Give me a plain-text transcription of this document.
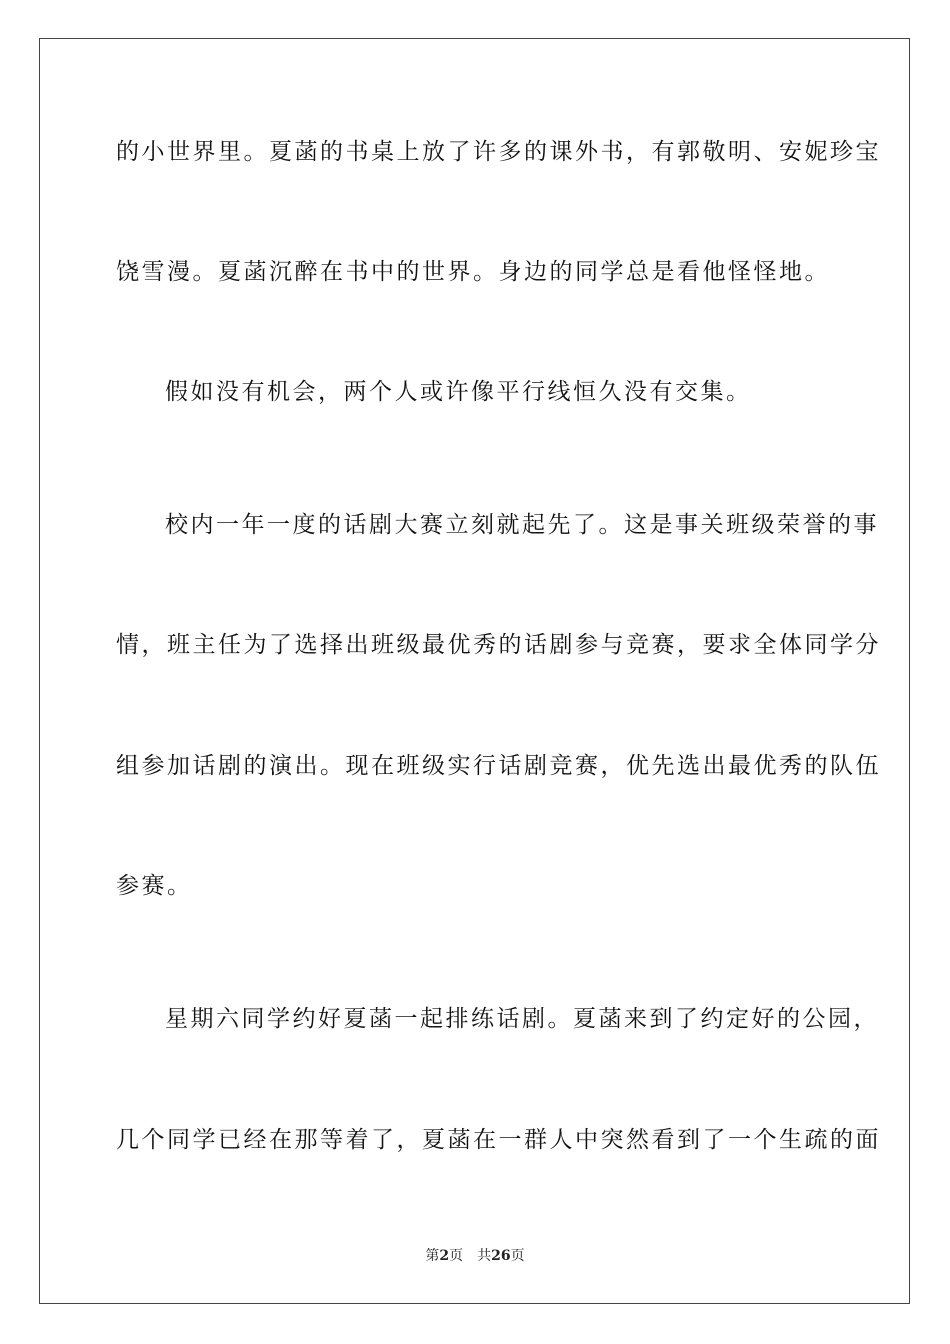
的小世界里。夏菡的书桌上放了许多的课外书，有郭敬明、安妮珍宝
饶雪漫。夏菡沉醉在书中的世界。身边的同学总是看他怪怪地。
假如没有机会，两个人或许像平行线恒久没有交集。
校内一年一度的话剧大赛立刻就起先了。这是事关班级荣誉的事
情，班主任为了选择出班级最优秀的话剧参与竞赛，要求全体同学分
组参加话剧的演出。现在班级实行话剧竞赛，优先选出最优秀的队伍
参赛。
星期六同学约好夏菡一起排练话剧。夏菡来到了约定好的公园，
几个同学已经在那等着了，夏菡在一群人中突然看到了一个生疏的面
第2页 共26页
